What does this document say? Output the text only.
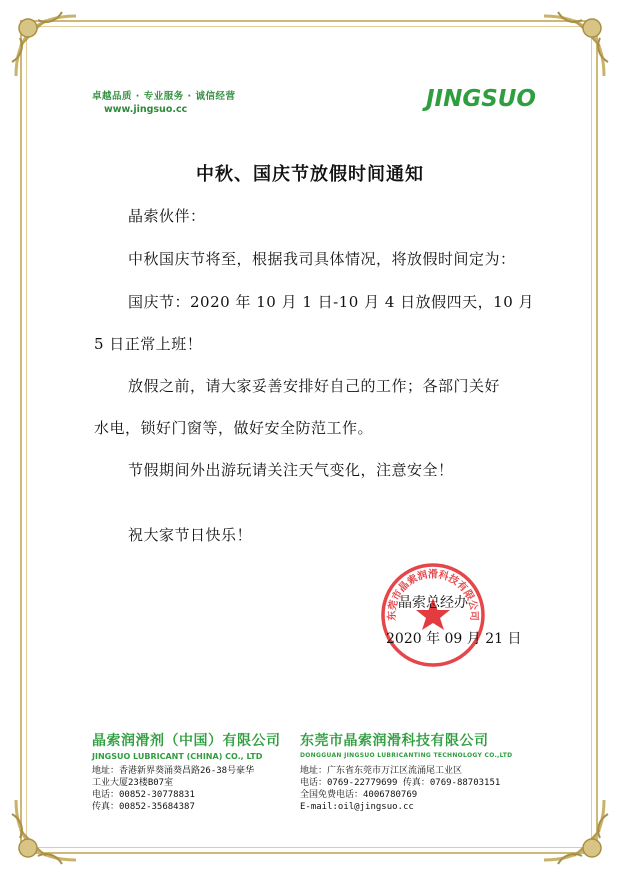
卓越品质 · 专业服务 · 诚信经营
www.jingsuo.cc	JINGSUO
中秋、国庆节放假时间通知
晶索伙伴：
中秋国庆节将至，根据我司具体情况，将放假时间定为：
国庆节：2020 年 10 月 1 日-10 月 4 日放假四天，10 月
5 日正常上班！
放假之前，请大家妥善安排好自己的工作；各部门关好
水电，锁好门窗等，做好安全防范工作。
节假期间外出游玩请关注天气变化，注意安全！
祝大家节日快乐！
东莞市晶索润滑科技有限公司
晶索总经办
2020 年 09 月 21 日
晶索润滑剂（中国）有限公司
JINGSUO LUBRICANT (CHINA) CO., LTD
地址：香港新界葵涌葵昌路26-38号豪华
工业大厦23楼B07室
电话：00852-30778831
传真：00852-35684387
东莞市晶索润滑科技有限公司
DONGGUAN JINGSUO LUBRICANTING TECHNOLOGY CO.,LTD
地址：广东省东莞市万江区流涌尾工业区
电话：0769-22779699 传真：0769-88703151
全国免费电话：4006780769
E-mail:oil@jingsuo.cc
